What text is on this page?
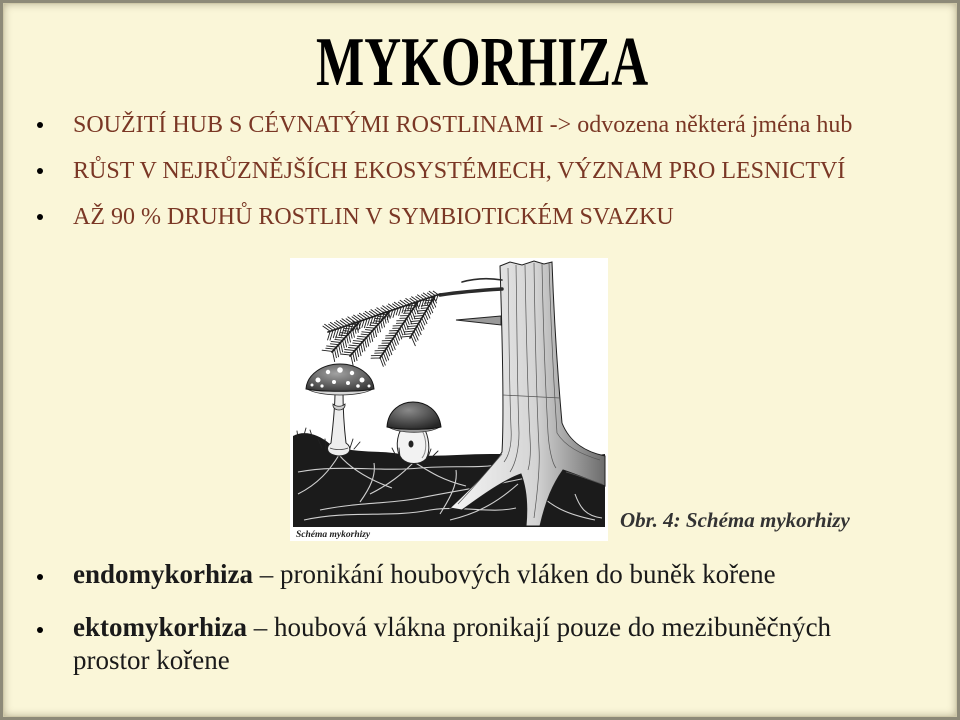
MYKORHIZA
SOUŽITÍ HUB S CÉVNATÝMI ROSTLINAMI -> odvozena některá jména hub
RŮST V NEJRŮZNĚJŠÍCH EKOSYSTÉMECH, VÝZNAM PRO LESNICTVÍ
AŽ 90 % DRUHŮ ROSTLIN V SYMBIOTICKÉM SVAZKU
Schéma mykorhizy
Obr. 4: Schéma mykorhizy
endomykorhiza – pronikání houbových vláken do buněk kořene
ektomykorhiza – houbová vlákna pronikají pouze do mezibuněčných prostor kořene
